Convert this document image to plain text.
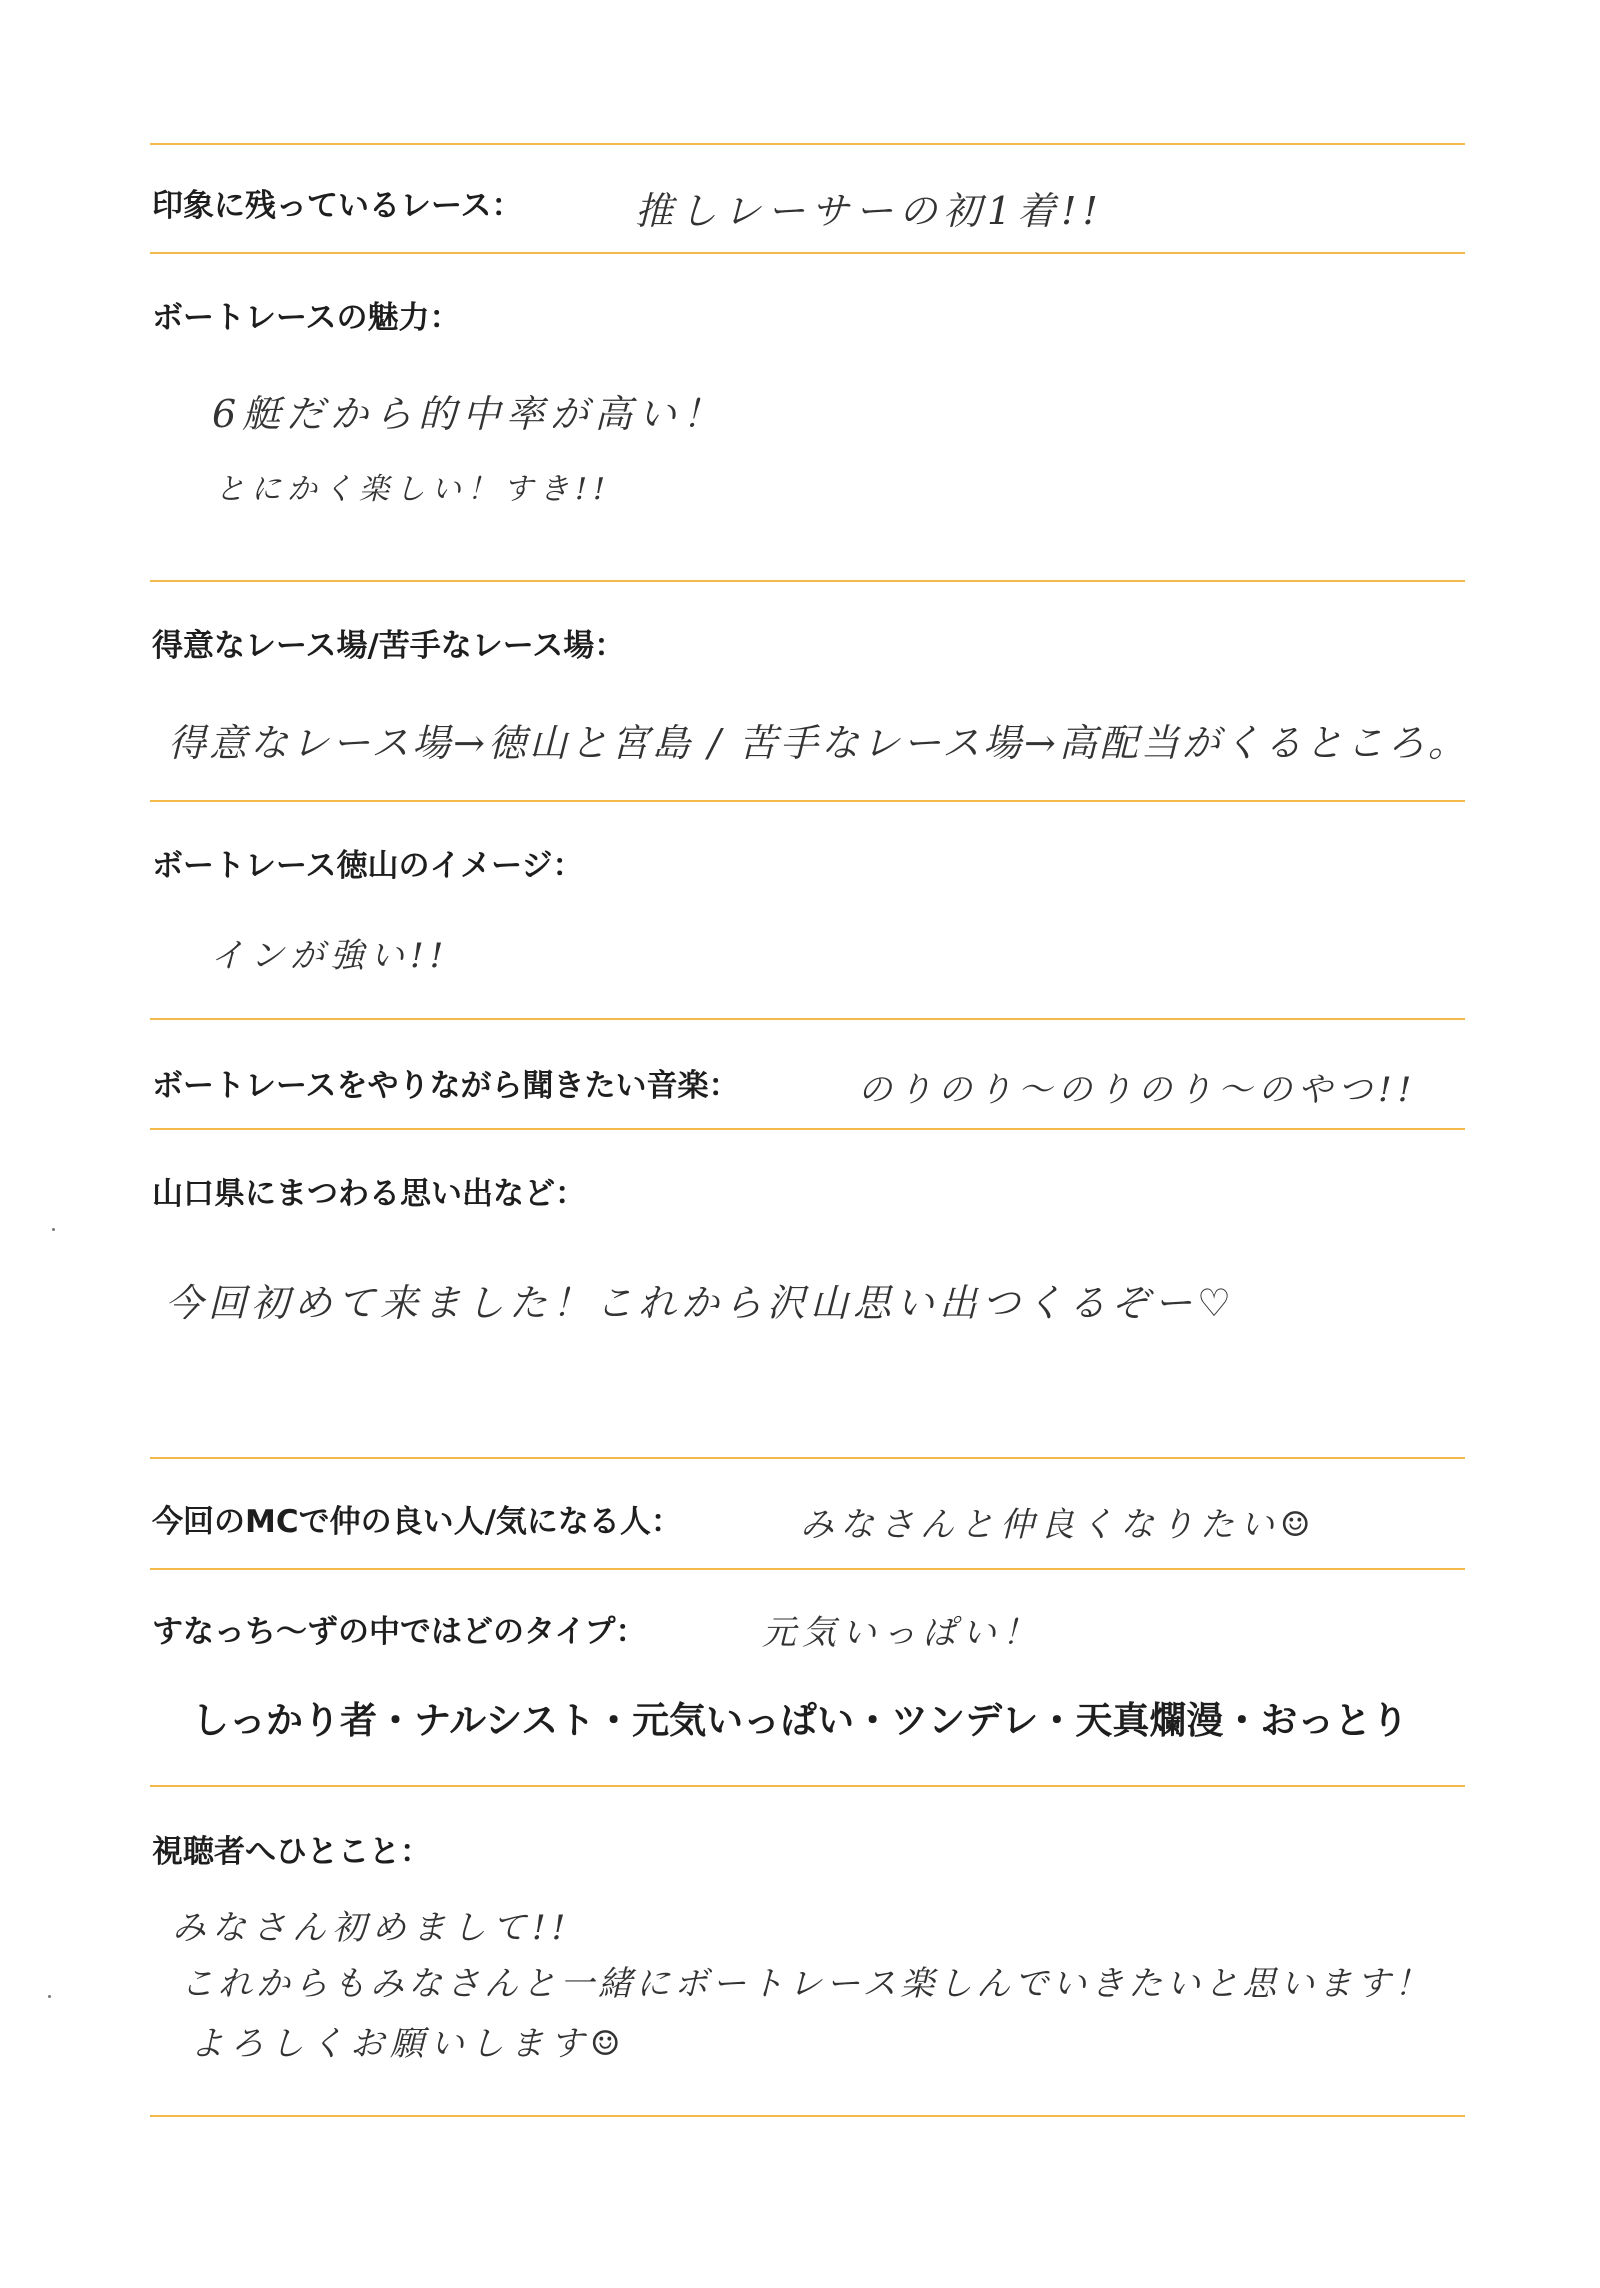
印象に残っているレース：	推しレーサーの初1着!!
ボートレースの魅力：
6艇だから的中率が高い！
とにかく楽しい！すき!!
得意なレース場/苦手なレース場：
得意なレース場→徳山と宮島 / 苦手なレース場→高配当がくるところ。
ボートレース徳山のイメージ：
インが強い!!
ボートレースをやりながら聞きたい音楽：	のりのり～のりのり～のやつ!!
山口県にまつわる思い出など：
今回初めて来ました！これから沢山思い出つくるぞー♡
今回のMCで仲の良い人/気になる人：	みなさんと仲良くなりたい☺
すなっち～ずの中ではどのタイプ：	元気いっぱい！
しっかり者・ナルシスト・元気いっぱい・ツンデレ・天真爛漫・おっとり
視聴者へひとこと：
みなさん初めまして!!
これからもみなさんと一緒にボートレース楽しんでいきたいと思います！
よろしくお願いします☺
